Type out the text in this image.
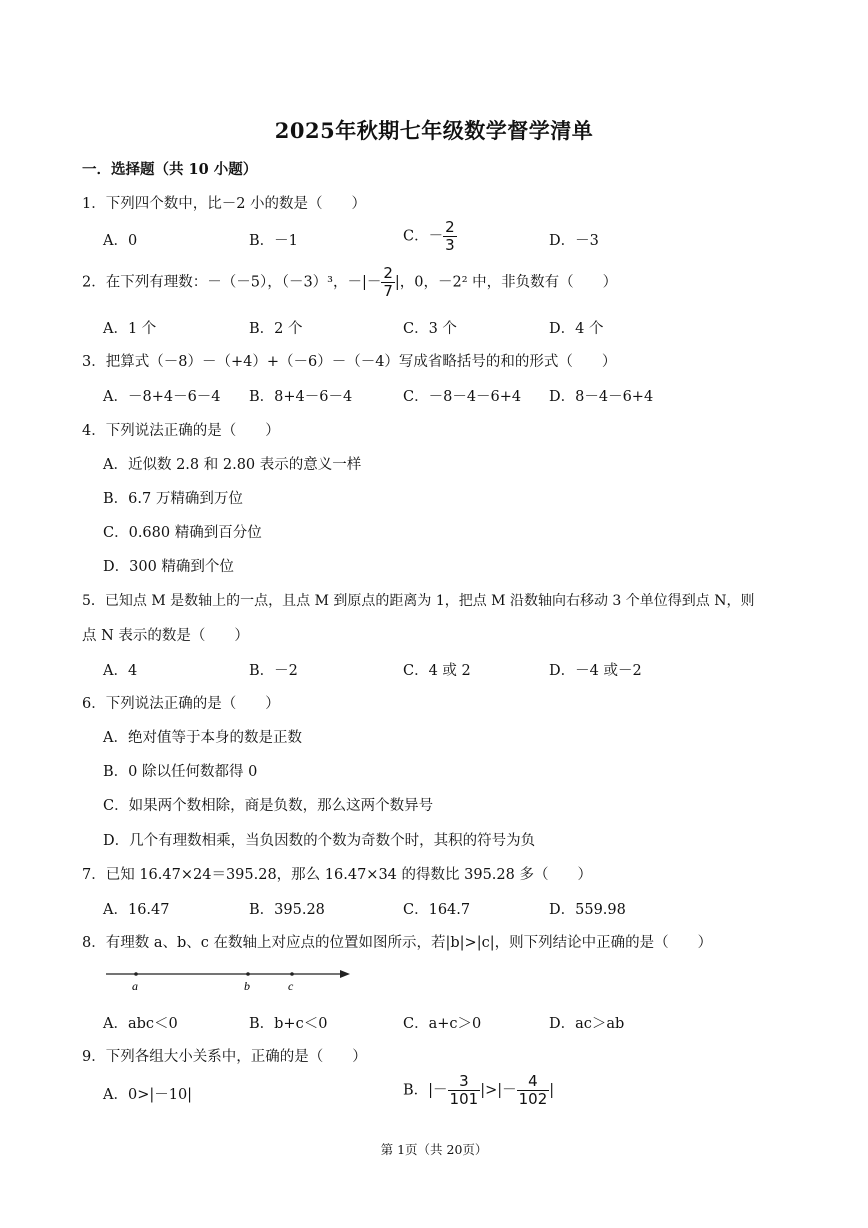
2025年秋期七年级数学督学清单
一．选择题（共 10 小题）
1．下列四个数中，比－2 小的数是（　　）
A．0	B．－1	C．－ $\frac{2}{3}$	D．－3
2．在下列有理数：－（－5），（－3）³，－|－ $\frac{2}{7}$ |，0，－2² 中，非负数有（　　）
A．1 个	B．2 个	C．3 个	D．4 个
3．把算式（－8）－（+4）+（－6）－（－4）写成省略括号的和的形式（　　）
A．－8+4－6－4 B．8+4－6－4	C．－8－4－6+4 D．8－4－6+4
4．下列说法正确的是（　　）
A．近似数 2.8 和 2.80 表示的意义一样
B．6.7 万精确到万位
C．0.680 精确到百分位
D．300 精确到个位
5．已知点 M 是数轴上的一点，且点 M 到原点的距离为 1，把点 M 沿数轴向右移动 3 个单位得到点 N，则
点 N 表示的数是（　　）
A．4	B．－2	C．4 或 2	D．－4 或－2
6．下列说法正确的是（　　）
A．绝对值等于本身的数是正数
B．0 除以任何数都得 0
C．如果两个数相除，商是负数，那么这两个数异号
D．几个有理数相乘，当负因数的个数为奇数个时，其积的符号为负
7．已知 16.47×24＝395.28，那么 16.47×34 的得数比 395.28 多（　　）
A．16.47	B．395.28	C．164.7	D．559.98
8．有理数 a、b、c 在数轴上对应点的位置如图所示，若|b|>|c|，则下列结论中正确的是（　　）
a	b	c
A．abc＜0	B．b+c＜0	C．a+c＞0	D．ac＞ab
9．下列各组大小关系中，正确的是（　　）
A．0>|－10|	B．|－ $\frac{3}{101}$ |>|－ $\frac{4}{102}$ |
第 1页（共 20页）
